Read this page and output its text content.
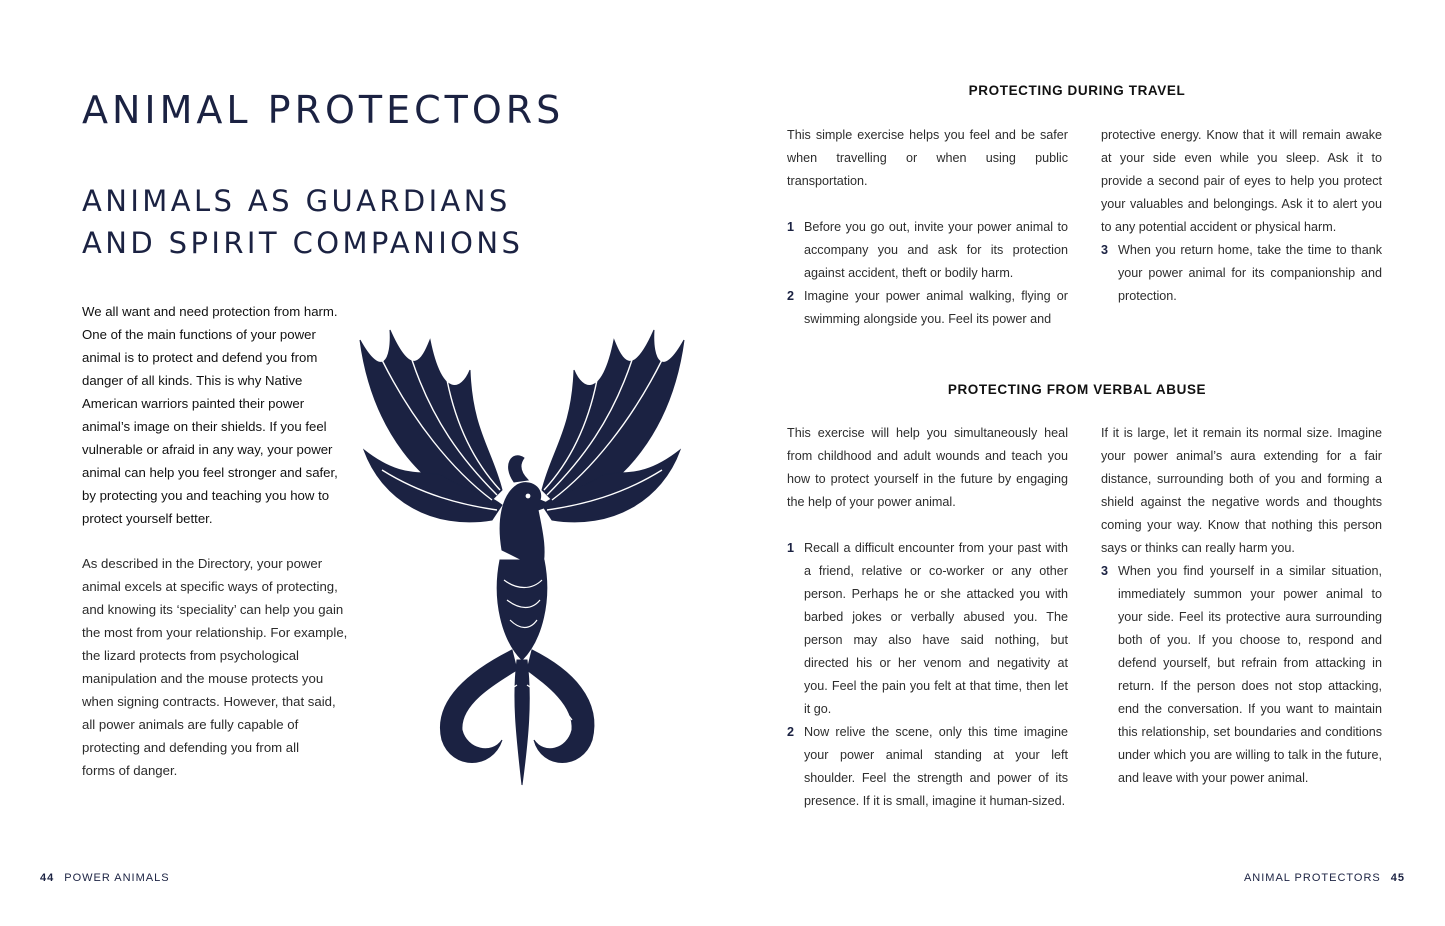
ANIMAL PROTECTORS
ANIMALS AS GUARDIANS
AND SPIRIT COMPANIONS
We all want and need protection from harm.
One of the main functions of your power
animal is to protect and defend you from
danger of all kinds. This is why Native
American warriors painted their power
animal’s image on their shields. If you feel
vulnerable or afraid in any way, your power
animal can help you feel stronger and safer,
by protecting you and teaching you how to
protect yourself better.
As described in the Directory, your power
animal excels at specific ways of protecting,
and knowing its ‘speciality’ can help you gain
the most from your relationship. For example,
the lizard protects from psychological
manipulation and the mouse protects you
when signing contracts. However, that said,
all power animals are fully capable of
protecting and defending you from all
forms of danger.
44 POWER ANIMALS
PROTECTING DURING TRAVEL

This simple exercise helps you feel and be safer when travelling or when using public transportation.

1 Before you go out, invite your power animal to accompany you and ask for its protection against accident, theft or bodily harm.
2 Imagine your power animal walking, flying or swimming alongside you. Feel its power and

protective energy. Know that it will remain awake at your side even while you sleep. Ask it to provide a second pair of eyes to help you protect your valuables and belongings. Ask it to alert you to any potential accident or physical harm.

3 When you return home, take the time to thank your power animal for its companionship and protection.
PROTECTING FROM VERBAL ABUSE

This exercise will help you simultaneously heal from childhood and adult wounds and teach you how to protect yourself in the future by engaging the help of your power animal.

1 Recall a difficult encounter from your past with a friend, relative or co-worker or any other person. Perhaps he or she attacked you with barbed jokes or verbally abused you. The person may also have said nothing, but directed his or her venom and negativity at you. Feel the pain you felt at that time, then let it go.
2 Now relive the scene, only this time imagine your power animal standing at your left shoulder. Feel the strength and power of its presence. If it is small, imagine it human-sized.

If it is large, let it remain its normal size. Imagine your power animal’s aura extending for a fair distance, surrounding both of you and forming a shield against the negative words and thoughts coming your way. Know that nothing this person says or thinks can really harm you.

3 When you find yourself in a similar situation, immediately summon your power animal to your side. Feel its protective aura surrounding both of you. If you choose to, respond and defend yourself, but refrain from attacking in return. If the person does not stop attacking, end the conversation. If you want to maintain this relationship, set boundaries and conditions under which you are willing to talk in the future, and leave with your power animal.
ANIMAL PROTECTORS 45
